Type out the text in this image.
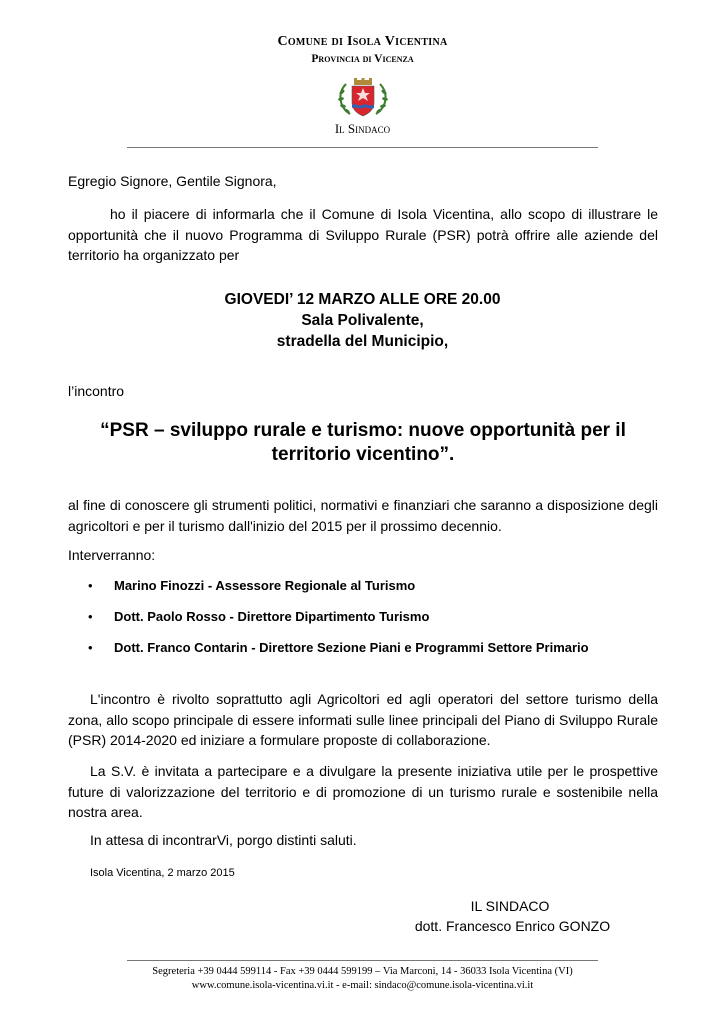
Comune di Isola Vicentina
Provincia di Vicenza
Il Sindaco
Egregio Signore, Gentile Signora,
ho il piacere di informarla che il Comune di Isola Vicentina, allo scopo di illustrare le opportunità che il nuovo Programma di Sviluppo Rurale (PSR) potrà offrire alle aziende del territorio ha organizzato per
GIOVEDI’ 12 MARZO ALLE ORE 20.00
Sala Polivalente,
stradella del Municipio,
l’incontro
“PSR – sviluppo rurale e turismo: nuove opportunità per il territorio vicentino”.
al fine di conoscere gli strumenti politici, normativi e finanziari che saranno a disposizione degli agricoltori e per il turismo dall'inizio del 2015 per il prossimo decennio.
Interverranno:
• Marino Finozzi - Assessore Regionale al Turismo
• Dott. Paolo Rosso - Direttore Dipartimento Turismo
• Dott. Franco Contarin - Direttore Sezione Piani e Programmi Settore Primario
L'incontro è rivolto soprattutto agli Agricoltori ed agli operatori del settore turismo della zona, allo scopo principale di essere informati sulle linee principali del Piano di Sviluppo Rurale (PSR) 2014-2020 ed iniziare a formulare proposte di collaborazione.
La S.V. è invitata a partecipare e a divulgare la presente iniziativa utile per le prospettive future di valorizzazione del territorio e di promozione di un turismo rurale e sostenibile nella nostra area.
In attesa di incontrarVi, porgo distinti saluti.
Isola Vicentina, 2 marzo 2015
IL SINDACO
dott. Francesco Enrico GONZO
Segreteria +39 0444 599114 - Fax +39 0444 599199 – Via Marconi, 14 - 36033 Isola Vicentina (VI)
www.comune.isola-vicentina.vi.it - e-mail: sindaco@comune.isola-vicentina.vi.it
